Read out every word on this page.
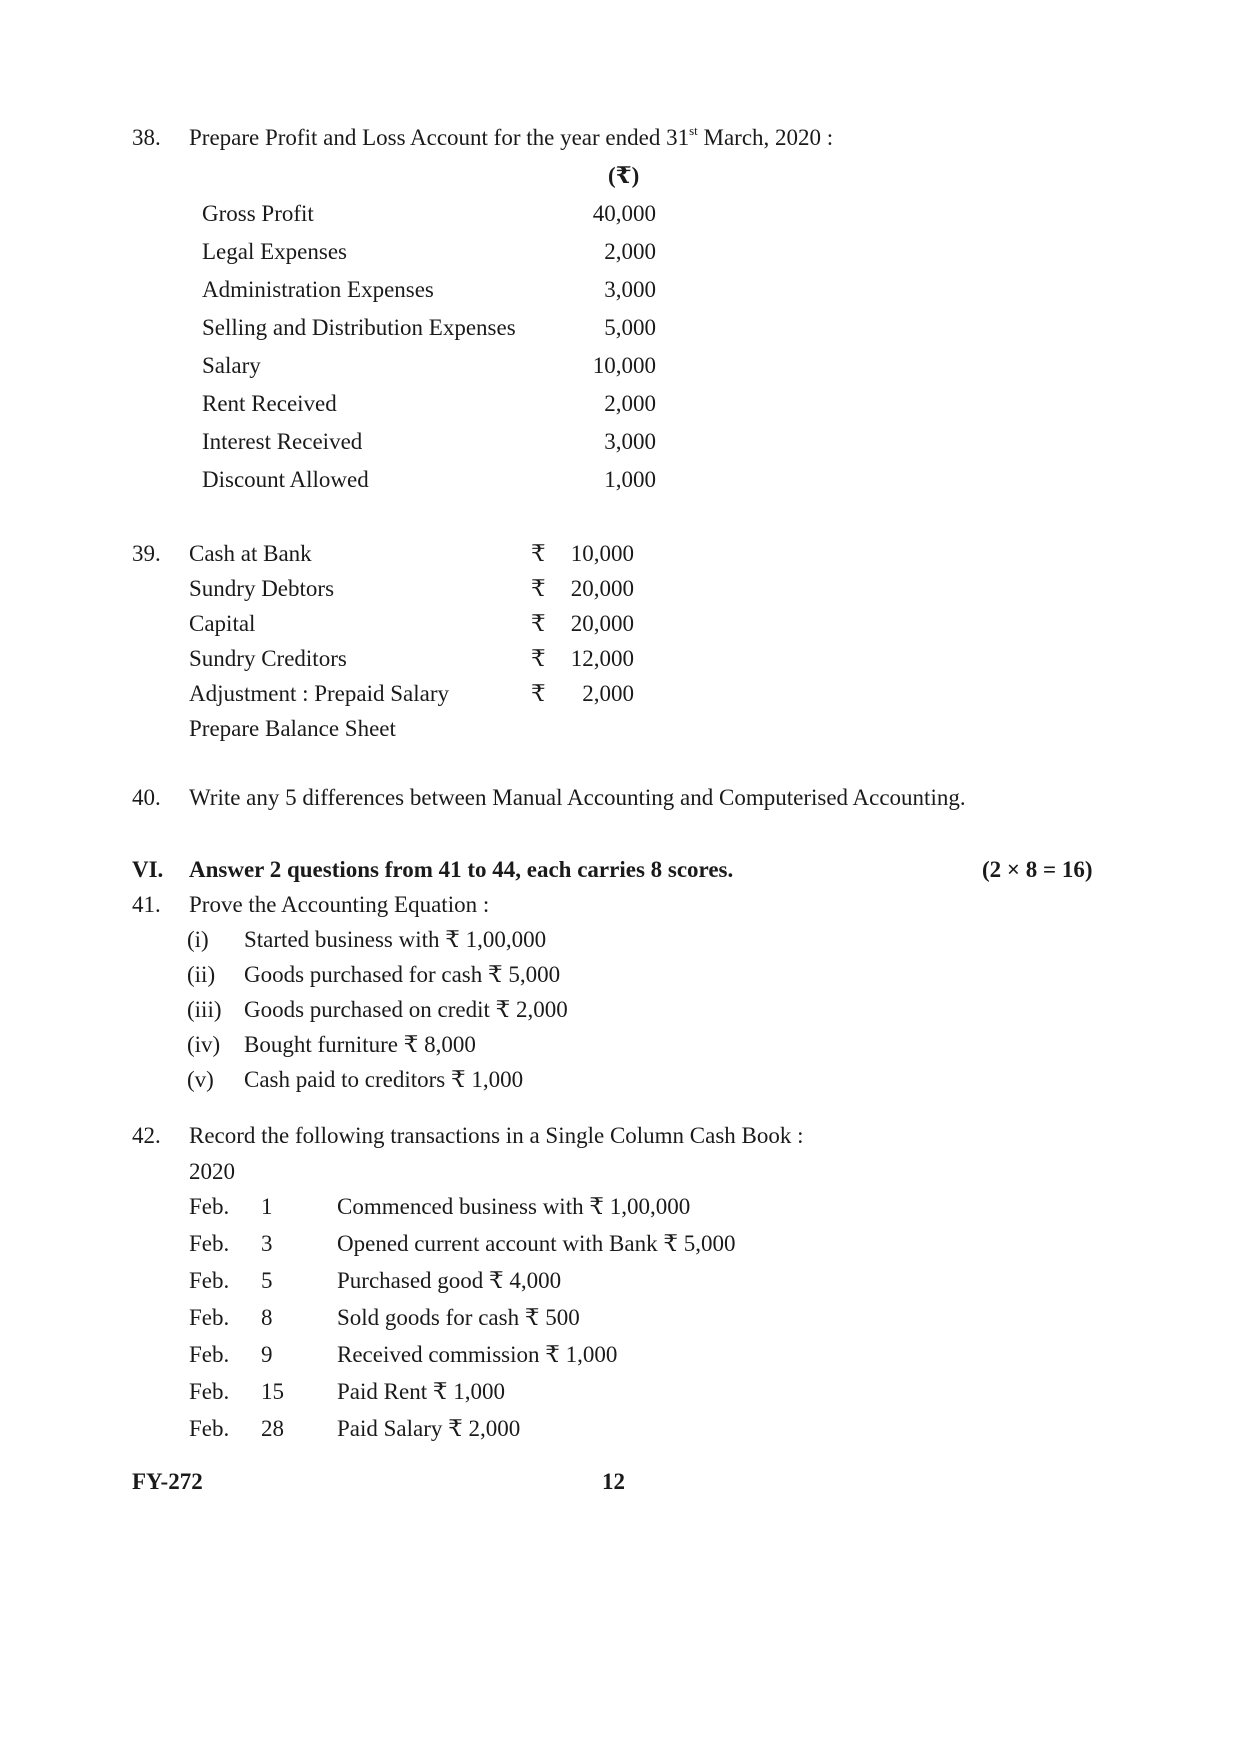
38. Prepare Profit and Loss Account for the year ended 31st March, 2020 :
(₹)
Gross Profit	40,000
Legal Expenses	2,000
Administration Expenses	3,000
Selling and Distribution Expenses	5,000
Salary	10,000
Rent Received	2,000
Interest Received	3,000
Discount Allowed	1,000
39. Cash at Bank	₹	10,000
Sundry Debtors	₹	20,000
Capital	₹	20,000
Sundry Creditors	₹	12,000
Adjustment : Prepaid Salary	₹	2,000
Prepare Balance Sheet
40. Write any 5 differences between Manual Accounting and Computerised Accounting.
VI. Answer 2 questions from 41 to 44, each carries 8 scores.	(2 × 8 = 16)
41. Prove the Accounting Equation :
(i) Started business with ₹ 1,00,000
(ii) Goods purchased for cash ₹ 5,000
(iii) Goods purchased on credit ₹ 2,000
(iv) Bought furniture ₹ 8,000
(v) Cash paid to creditors ₹ 1,000
42. Record the following transactions in a Single Column Cash Book :
2020
Feb. 1	Commenced business with ₹ 1,00,000
Feb. 3	Opened current account with Bank ₹ 5,000
Feb. 5	Purchased good ₹ 4,000
Feb. 8	Sold goods for cash ₹ 500
Feb. 9	Received commission ₹ 1,000
Feb. 15 Paid Rent ₹ 1,000
Feb. 28 Paid Salary ₹ 2,000
FY-272	12
